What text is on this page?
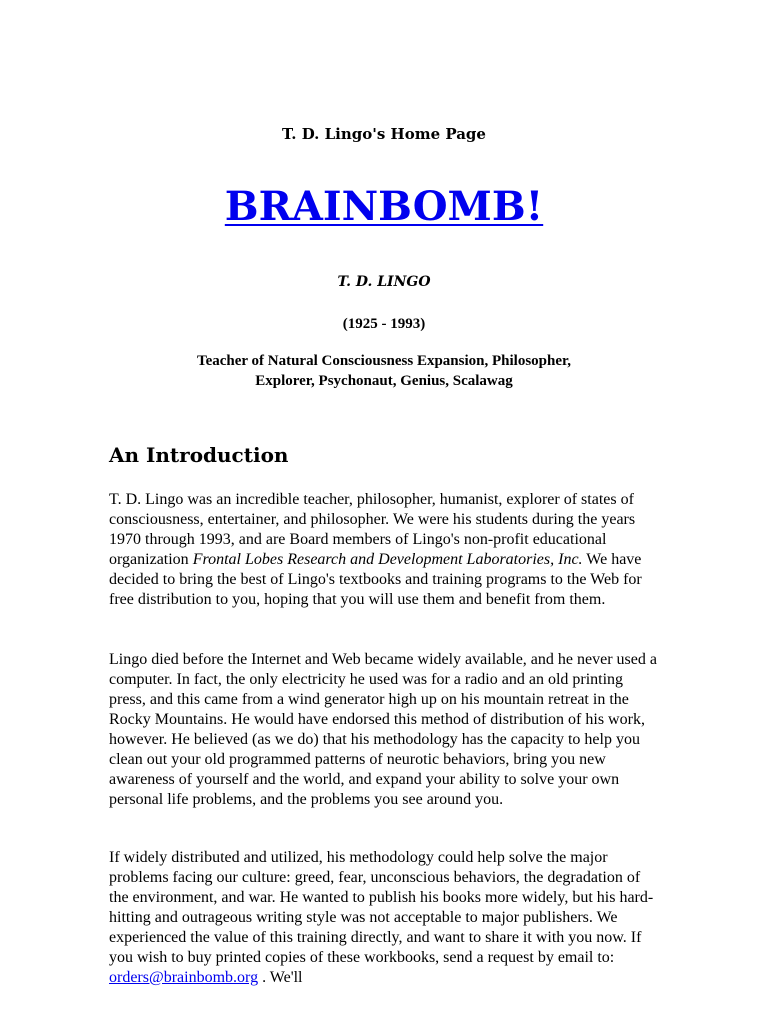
T. D. Lingo's Home Page
BRAINBOMB!
T. D. LINGO
(1925 - 1993)
Teacher of Natural Consciousness Expansion, Philosopher,
Explorer, Psychonaut, Genius, Scalawag
An Introduction

T. D. Lingo was an incredible teacher, philosopher, humanist, explorer of states of consciousness, entertainer, and philosopher. We were his students during the years 1970 through 1993, and are Board members of Lingo's non-profit educational organization Frontal Lobes Research and Development Laboratories, Inc. We have decided to bring the best of Lingo's textbooks and training programs to the Web for free distribution to you, hoping that you will use them and benefit from them.

Lingo died before the Internet and Web became widely available, and he never used a computer. In fact, the only electricity he used was for a radio and an old printing press, and this came from a wind generator high up on his mountain retreat in the Rocky Mountains. He would have endorsed this method of distribution of his work, however. He believed (as we do) that his methodology has the capacity to help you clean out your old programmed patterns of neurotic behaviors, bring you new awareness of yourself and the world, and expand your ability to solve your own personal life problems, and the problems you see around you.

If widely distributed and utilized, his methodology could help solve the major problems facing our culture: greed, fear, unconscious behaviors, the degradation of the environment, and war. He wanted to publish his books more widely, but his hard-hitting and outrageous writing style was not acceptable to major publishers. We experienced the value of this training directly, and want to share it with you now. If you wish to buy printed copies of these workbooks, send a request by email to: orders@brainbomb.org . We'll
